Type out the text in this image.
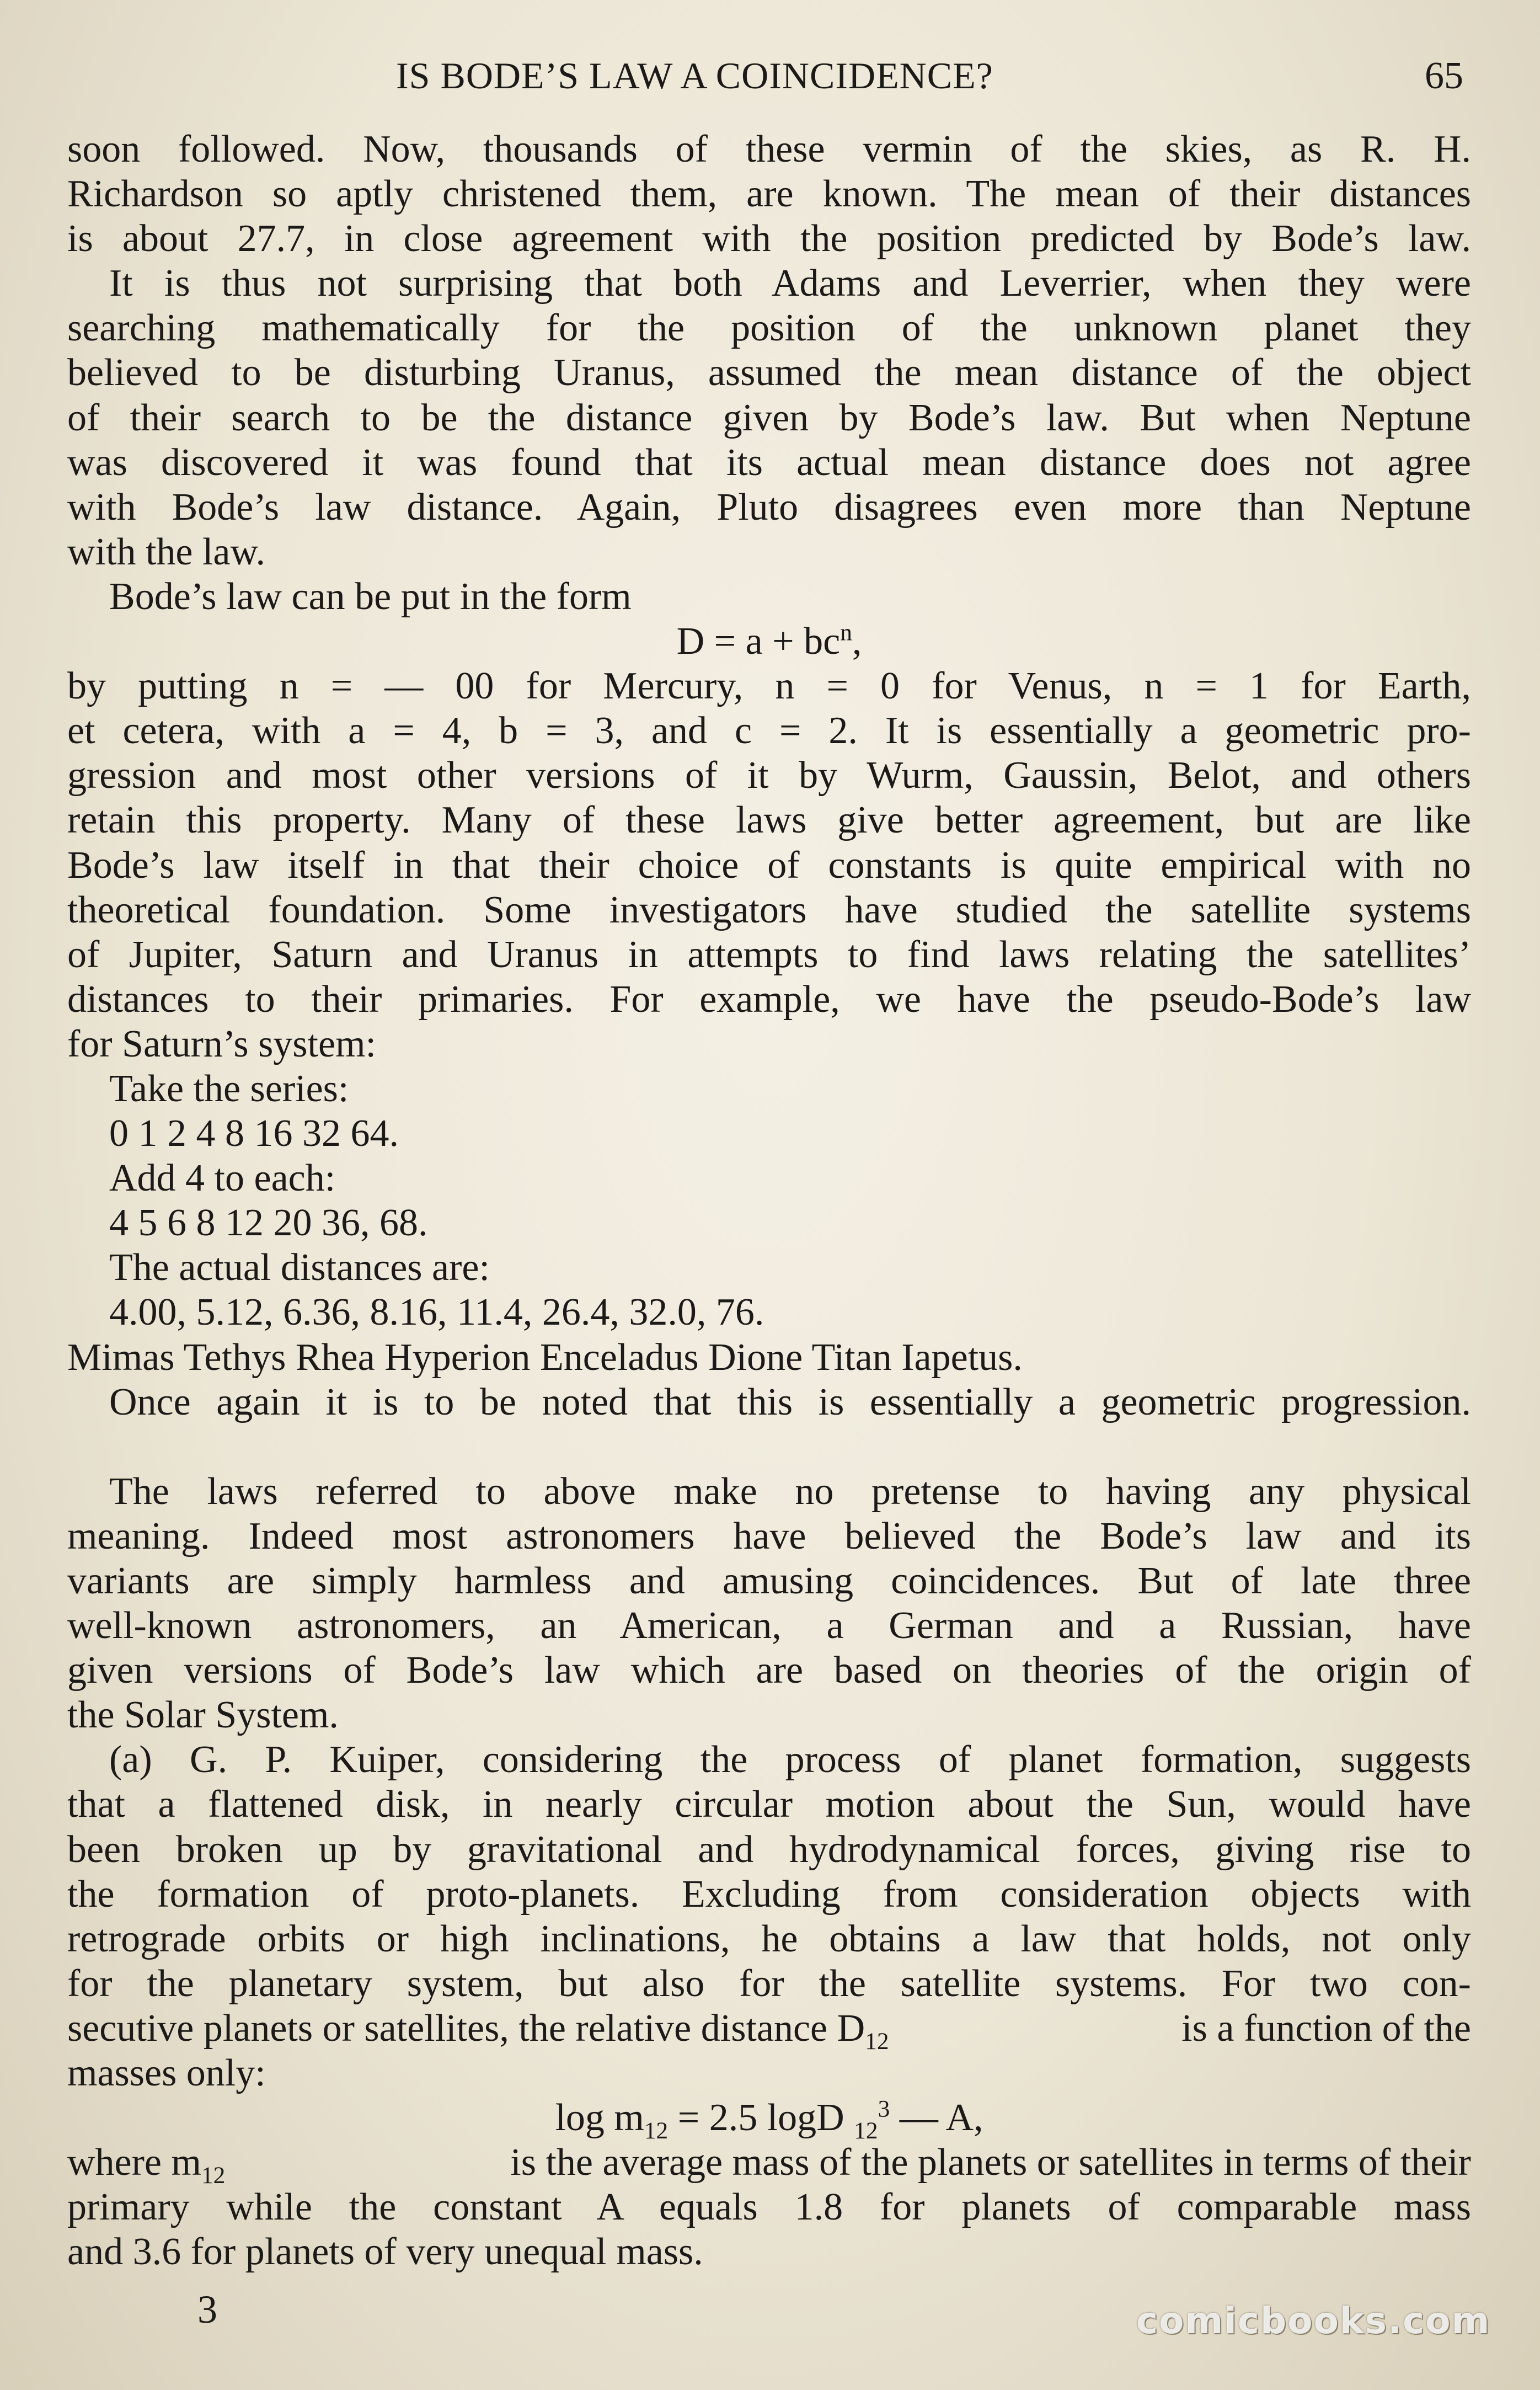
IS BODE’S LAW A COINCIDENCE?	65
soon followed. Now, thousands of these vermin of the skies, as R. H.
Richardson so aptly christened them, are known. The mean of their distances
is about 27.7, in close agreement with the position predicted by Bode’s law.
It is thus not surprising that both Adams and Leverrier, when they were
searching mathematically for the position of the unknown planet they
believed to be disturbing Uranus, assumed the mean distance of the object
of their search to be the distance given by Bode’s law. But when Neptune
was discovered it was found that its actual mean distance does not agree
with Bode’s law distance. Again, Pluto disagrees even more than Neptune
with the law.
Bode’s law can be put in the form
$D = a + bc^n$,
by putting n = — 00 for Mercury, n = 0 for Venus, n = 1 for Earth,
et cetera, with a = 4, b = 3, and c = 2. It is essentially a geometric pro-
gression and most other versions of it by Wurm, Gaussin, Belot, and others
retain this property. Many of these laws give better agreement, but are like
Bode’s law itself in that their choice of constants is quite empirical with no
theoretical foundation. Some investigators have studied the satellite systems
of Jupiter, Saturn and Uranus in attempts to find laws relating the satellites’
distances to their primaries. For example, we have the pseudo-Bode’s law
for Saturn’s system:
Take the series:
0 1 2 4 8 16 32 64.
Add 4 to each:
4 5 6 8 12 20 36, 68.
The actual distances are:
4.00, 5.12, 6.36, 8.16, 11.4, 26.4, 32.0, 76.
Mimas Tethys Rhea Hyperion Enceladus Dione Titan Iapetus.
Once again it is to be noted that this is essentially a geometric progression.
The laws referred to above make no pretense to having any physical
meaning. Indeed most astronomers have believed the Bode’s law and its
variants are simply harmless and amusing coincidences. But of late three
well-known astronomers, an American, a German and a Russian, have
given versions of Bode’s law which are based on theories of the origin of
the Solar System.
(a) G. P. Kuiper, considering the process of planet formation, suggests
that a flattened disk, in nearly circular motion about the Sun, would have
been broken up by gravitational and hydrodynamical forces, giving rise to
the formation of proto-planets. Excluding from consideration objects with
retrograde orbits or high inclinations, he obtains a law that holds, not only
for the planetary system, but also for the satellite systems. For two con-
secutive planets or satellites, the relative distance $D_{12}$	is a function of the
masses only:
$\log m_{12} = 2.5$ logD $_{12}^3$ — A,
where $m_{12}$	is the average mass of the planets or satellites in terms of their
primary while the constant A equals 1.8 for planets of comparable mass
and 3.6 for planets of very unequal mass.
3	comicbooks.com
